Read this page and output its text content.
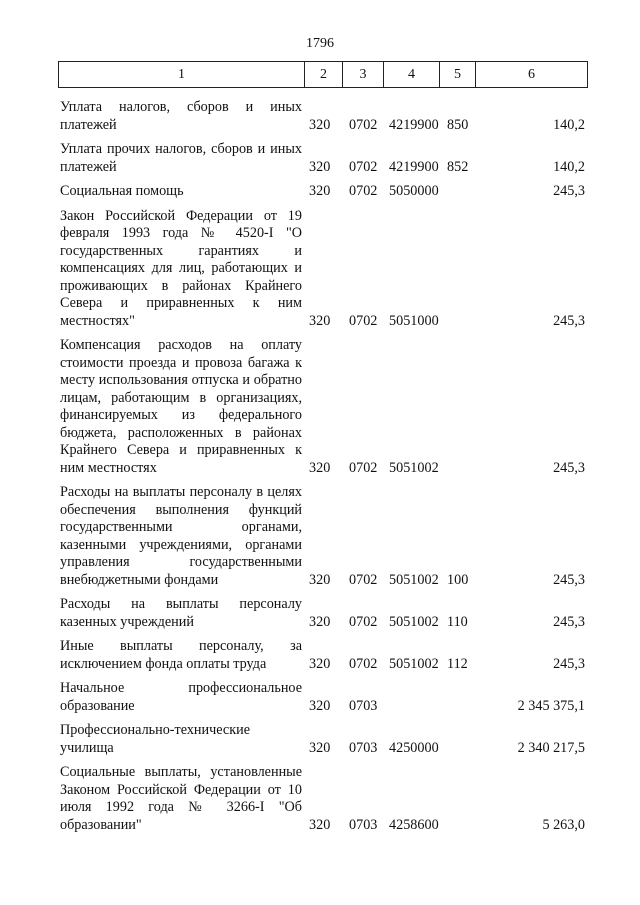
1796
1	2	3	4	5	6
Уплата налогов, сборов и иных платежей	320 0702 4219900 850	140,2
Уплата прочих налогов, сборов и иных платежей	320 0702 4219900 852	140,2
Социальная помощь	320 0702 5050000	245,3
Закон Российской Федерации от 19 февраля 1993 года № 4520-I "О государственных гарантиях и компенсациях для лиц, работающих и проживающих в районах Крайнего Севера и приравненных к ним местностях"	320 0702 5051000	245,3
Компенсация расходов на оплату стоимости проезда и провоза багажа к месту использования отпуска и обратно лицам, работающим в организациях, финансируемых из федерального бюджета, расположенных в районах Крайнего Севера и приравненных к ним местностях	320 0702 5051002	245,3
Расходы на выплаты персоналу в целях обеспечения выполнения функций государственными органами, казенными учреждениями, органами управления государственными внебюджетными фондами	320 0702 5051002 100	245,3
Расходы на выплаты персоналу казенных учреждений	320 0702 5051002 110	245,3
Иные выплаты персоналу, за исключением фонда оплаты труда	320 0702 5051002 112	245,3
Начальное профессиональное образование	320 0703	2 345 375,1
Профессионально-технические училища	320 0703 4250000	2 340 217,5
Социальные выплаты, установленные Законом Российской Федерации от 10 июля 1992 года № 3266-I "Об образовании"	320 0703 4258600	5 263,0
